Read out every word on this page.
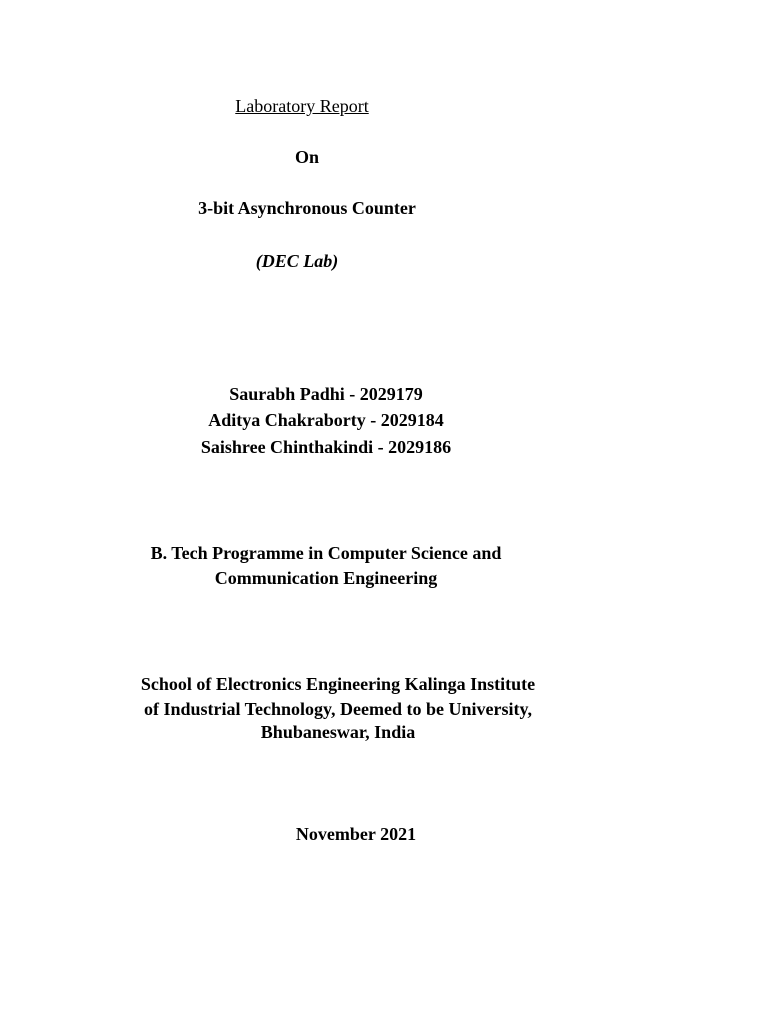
Laboratory Report
On
3-bit Asynchronous Counter
(DEC Lab)
Saurabh Padhi - 2029179
Aditya Chakraborty - 2029184
Saishree Chinthakindi - 2029186
B. Tech Programme in Computer Science and
Communication Engineering
School of Electronics Engineering Kalinga Institute
of Industrial Technology, Deemed to be University,
Bhubaneswar, India
November 2021
